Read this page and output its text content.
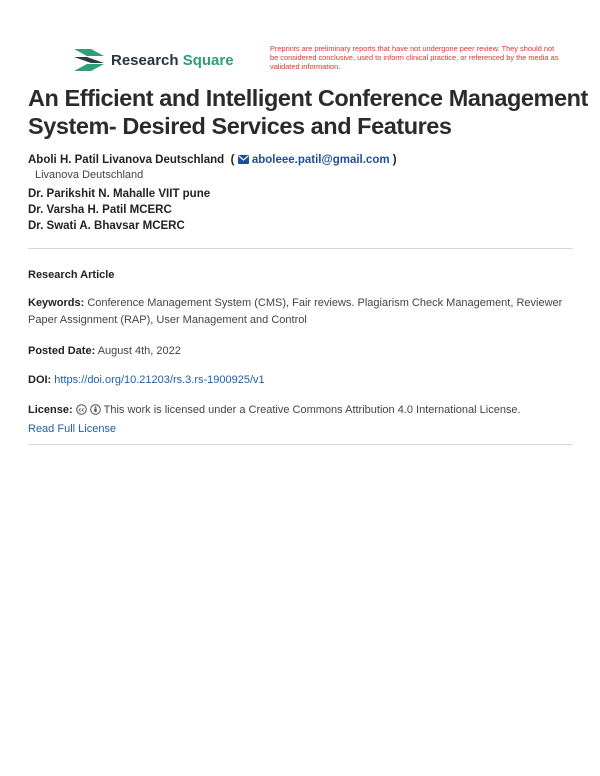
Research Square
Preprints are preliminary reports that have not undergone peer review. They should not be considered conclusive, used to inform clinical practice, or referenced by the media as validated information.
An Efficient and Intelligent Conference Management System- Desired Services and Features
Aboli H. Patil Livanova Deutschland  (  aboleee.patil@gmail.com )
Livanova Deutschland
Dr. Parikshit N. Mahalle VIIT pune
Dr. Varsha H. Patil MCERC
Dr. Swati A. Bhavsar MCERC
Research Article
Keywords: Conference Management System (CMS), Fair reviews. Plagiarism Check Management, Reviewer Paper Assignment (RAP), User Management and Control
Posted Date: August 4th, 2022
DOI: https://doi.org/10.21203/rs.3.rs-1900925/v1
License: cc This work is licensed under a Creative Commons Attribution 4.0 International License.
Read Full License
